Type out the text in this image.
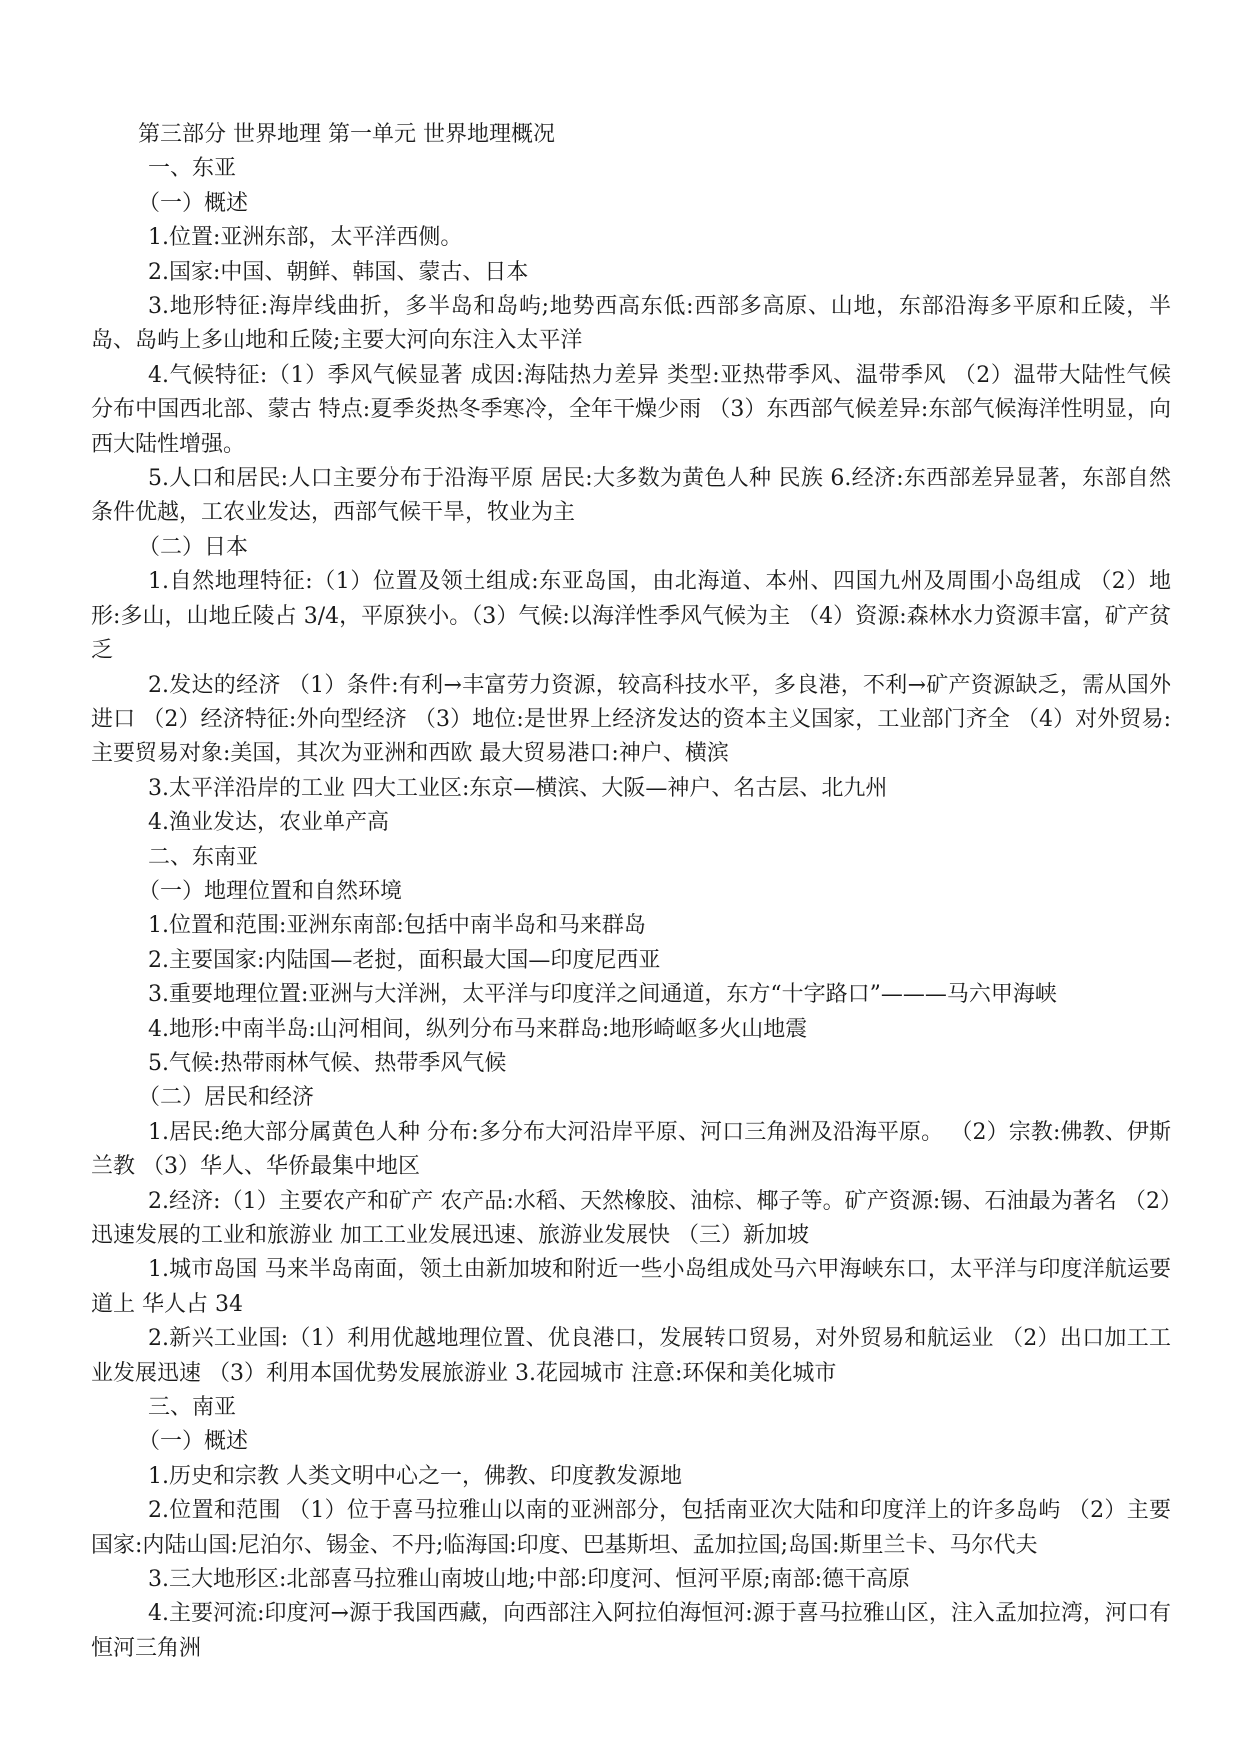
第三部分 世界地理 第一单元 世界地理概况

一、东亚

（一）概述

1.位置:亚洲东部，太平洋西侧。

2.国家:中国、朝鲜、韩国、蒙古、日本

3.地形特征:海岸线曲折，多半岛和岛屿;地势西高东低:西部多高原、山地，东部沿海多平原和丘陵，半岛、岛屿上多山地和丘陵;主要大河向东注入太平洋

4.气候特征:（1）季风气候显著 成因:海陆热力差异 类型:亚热带季风、温带季风 （2）温带大陆性气候 分布中国西北部、蒙古 特点:夏季炎热冬季寒冷，全年干燥少雨 （3）东西部气候差异:东部气候海洋性明显，向西大陆性增强。

5.人口和居民:人口主要分布于沿海平原 居民:大多数为黄色人种 民族 6.经济:东西部差异显著，东部自然条件优越，工农业发达，西部气候干旱，牧业为主

（二）日本

1.自然地理特征:（1）位置及领土组成:东亚岛国，由北海道、本州、四国九州及周围小岛组成 （2）地形:多山，山地丘陵占 3/4，平原狭小。（3）气候:以海洋性季风气候为主 （4）资源:森林水力资源丰富，矿产贫乏

2.发达的经济 （1）条件:有利→丰富劳力资源，较高科技水平，多良港，不利→矿产资源缺乏，需从国外进口 （2）经济特征:外向型经济 （3）地位:是世界上经济发达的资本主义国家，工业部门齐全 （4）对外贸易:主要贸易对象:美国，其次为亚洲和西欧 最大贸易港口:神户、横滨

3.太平洋沿岸的工业 四大工业区:东京—横滨、大阪—神户、名古层、北九州

4.渔业发达，农业单产高

二、东南亚

（一）地理位置和自然环境

1.位置和范围:亚洲东南部:包括中南半岛和马来群岛

2.主要国家:内陆国—老挝，面积最大国—印度尼西亚

3.重要地理位置:亚洲与大洋洲，太平洋与印度洋之间通道，东方“十字路口”———马六甲海峡

4.地形:中南半岛:山河相间，纵列分布马来群岛:地形崎岖多火山地震

5.气候:热带雨林气候、热带季风气候

（二）居民和经济

1.居民:绝大部分属黄色人种 分布:多分布大河沿岸平原、河口三角洲及沿海平原。 （2）宗教:佛教、伊斯兰教 （3）华人、华侨最集中地区

2.经济:（1）主要农产和矿产 农产品:水稻、天然橡胶、油棕、椰子等。矿产资源:锡、石油最为著名 （2）迅速发展的工业和旅游业 加工工业发展迅速、旅游业发展快 （三）新加坡

1.城市岛国 马来半岛南面，领土由新加坡和附近一些小岛组成处马六甲海峡东口，太平洋与印度洋航运要道上 华人占 34

2.新兴工业国:（1）利用优越地理位置、优良港口，发展转口贸易，对外贸易和航运业 （2）出口加工工业发展迅速 （3）利用本国优势发展旅游业 3.花园城市 注意:环保和美化城市

三、南亚

（一）概述

1.历史和宗教 人类文明中心之一，佛教、印度教发源地

2.位置和范围 （1）位于喜马拉雅山以南的亚洲部分，包括南亚次大陆和印度洋上的许多岛屿 （2）主要国家:内陆山国:尼泊尔、锡金、不丹;临海国:印度、巴基斯坦、孟加拉国;岛国:斯里兰卡、马尔代夫

3.三大地形区:北部喜马拉雅山南坡山地;中部:印度河、恒河平原;南部:德干高原

4.主要河流:印度河→源于我国西藏，向西部注入阿拉伯海恒河:源于喜马拉雅山区，注入孟加拉湾，河口有恒河三角洲
